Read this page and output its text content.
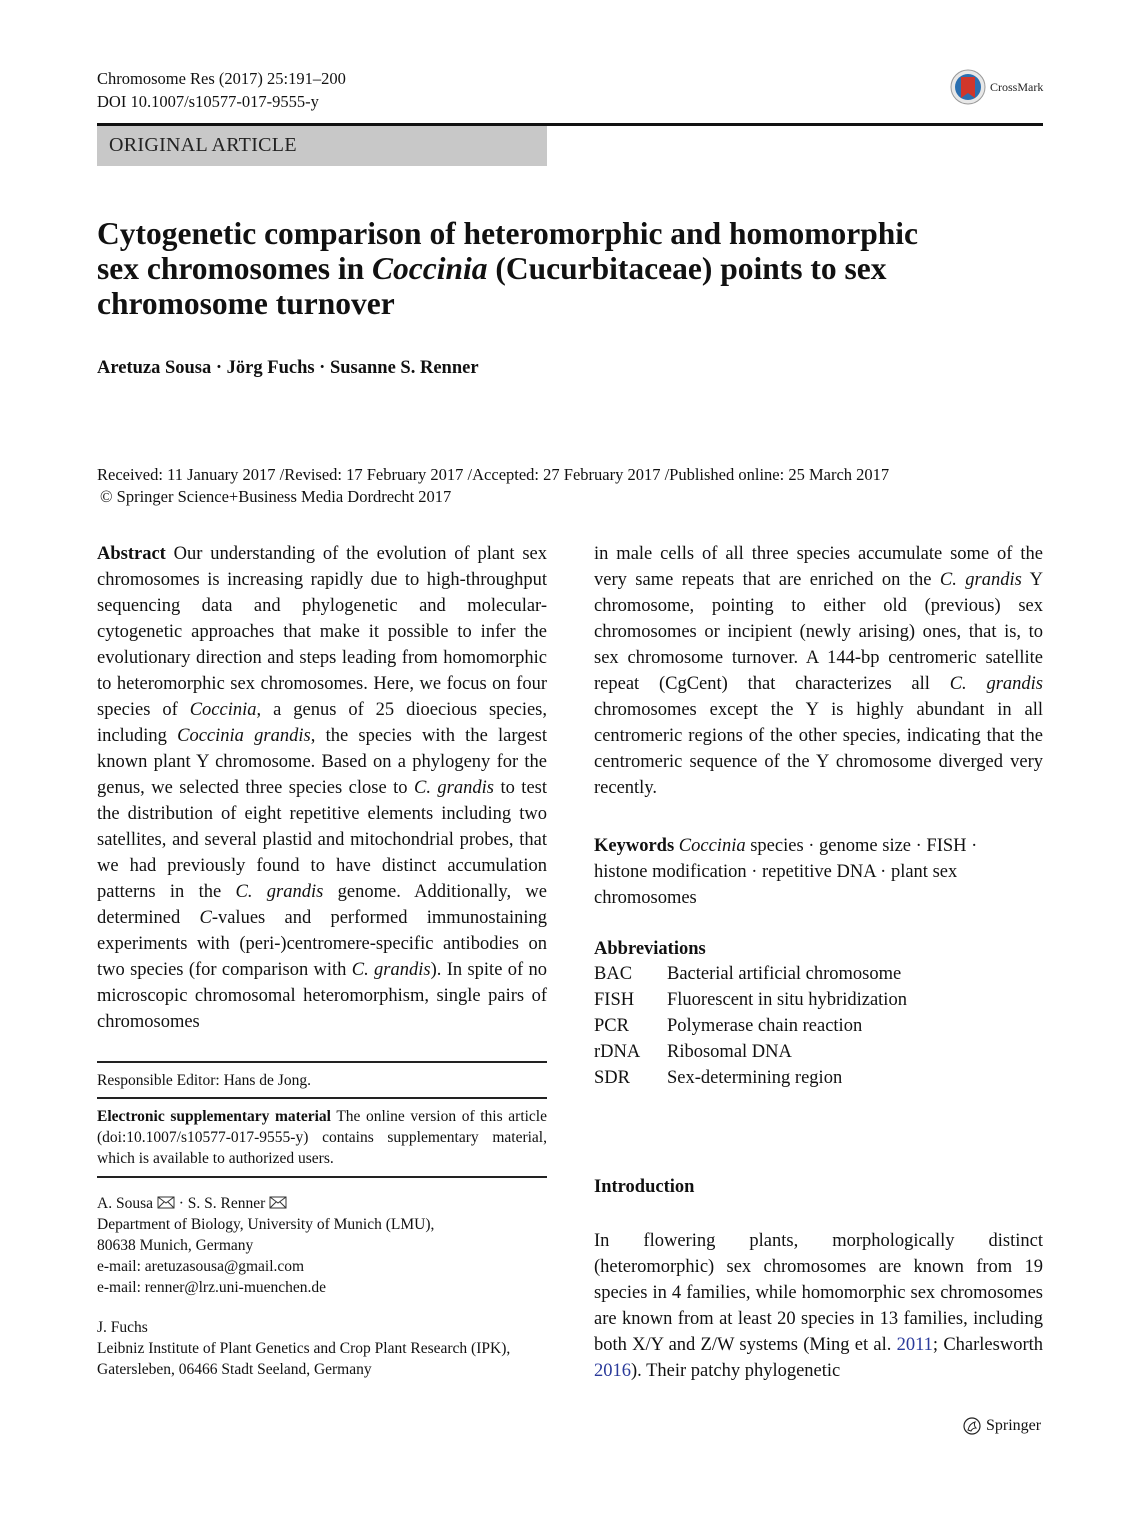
Chromosome Res (2017) 25:191–200
DOI 10.1007/s10577-017-9555-y
CrossMark
ORIGINAL ARTICLE
Cytogenetic comparison of heteromorphic and homomorphic
sex chromosomes in Coccinia (Cucurbitaceae) points to sex
chromosome turnover
Aretuza Sousa · Jörg Fuchs · Susanne S. Renner
Received: 11 January 2017 /Revised: 17 February 2017 /Accepted: 27 February 2017 /Published online: 25 March 2017
© Springer Science+Business Media Dordrecht 2017
Abstract Our understanding of the evolution of plant sex chromosomes is increasing rapidly due to high-throughput sequencing data and phylogenetic and molecular-cytogenetic approaches that make it possible to infer the evolutionary direction and steps leading from homomorphic to heteromorphic sex chromosomes. Here, we focus on four species of Coccinia, a genus of 25 dioecious species, including Coccinia grandis, the species with the largest known plant Y chromosome. Based on a phylogeny for the genus, we selected three species close to C. grandis to test the distribution of eight repetitive elements including two satellites, and several plastid and mitochondrial probes, that we had previously found to have distinct accumulation patterns in the C. grandis genome. Additionally, we determined C-values and performed immunostaining experiments with (peri-)centromere-specific antibodies on two species (for comparison with C. grandis). In spite of no microscopic chromosomal heteromorphism, single pairs of chromosomes
Responsible Editor: Hans de Jong.
Electronic supplementary material The online version of this article (doi:10.1007/s10577-017-9555-y) contains supplementary material, which is available to authorized users.
A. Sousa  · S. S. Renner
Department of Biology, University of Munich (LMU),
80638 Munich, Germany
e-mail: aretuzasousa@gmail.com
e-mail: renner@lrz.uni-muenchen.de
J. Fuchs
Leibniz Institute of Plant Genetics and Crop Plant Research (IPK),
Gatersleben, 06466 Stadt Seeland, Germany
in male cells of all three species accumulate some of the very same repeats that are enriched on the C. grandis Y chromosome, pointing to either old (previous) sex chromosomes or incipient (newly arising) ones, that is, to sex chromosome turnover. A 144-bp centromeric satellite repeat (CgCent) that characterizes all C. grandis chromosomes except the Y is highly abundant in all centromeric regions of the other species, indicating that the centromeric sequence of the Y chromosome diverged very recently.
Keywords Coccinia species · genome size · FISH · histone modification · repetitive DNA · plant sex chromosomes
Abbreviations
BAC	Bacterial artificial chromosome
FISH	Fluorescent in situ hybridization
PCR	Polymerase chain reaction
rDNA	Ribosomal DNA
SDR	Sex-determining region
Introduction
In flowering plants, morphologically distinct (heteromorphic) sex chromosomes are known from 19 species in 4 families, while homomorphic sex chromosomes are known from at least 20 species in 13 families, including both X/Y and Z/W systems (Ming et al. 2011; Charlesworth 2016). Their patchy phylogenetic
Springer
